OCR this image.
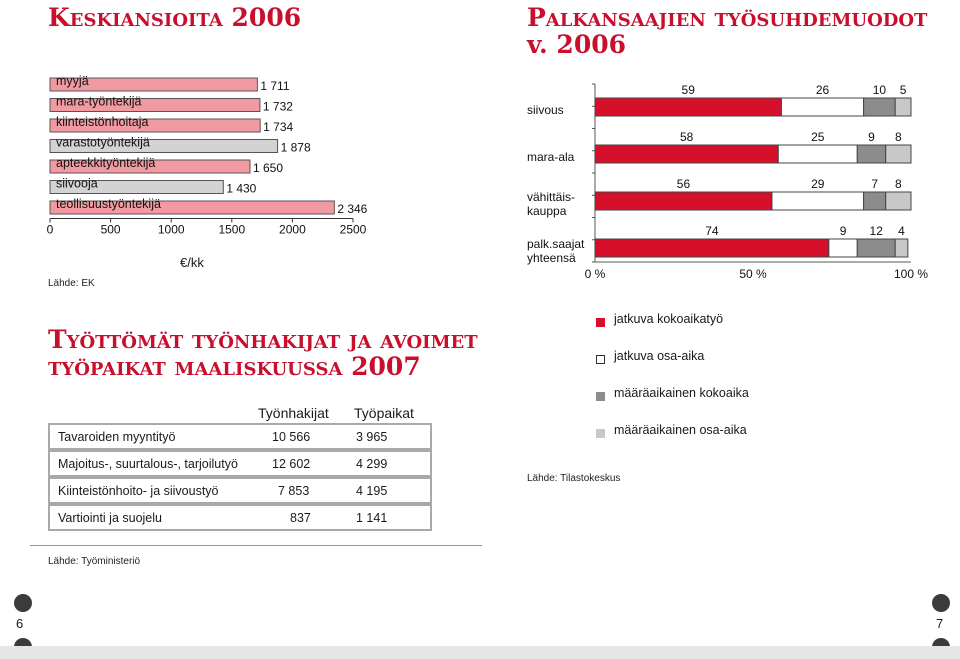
Keskiansioita 2006
myyjä	1 711
mara-työntekijä	1 732
kiinteistönhoitaja	1 734
varastotyöntekijä	1 878
apteekkityöntekijä	1 650
siivooja	1 430
teollisuustyöntekijä	2 346
0	500	1000	1500	2000	2500
Lähde: EK
€/kk
Palkansaajien työsuhdemuodot
v. 2006
siivous
59	26	10 5
mara-ala
58	25	9 8
vähittäis-
kauppa
56	29	7 8
palk.saajat
yhteensä
74	9 12 4
0 %	50 %	100 %
jatkuva kokoaikatyö
jatkuva osa-aika
määräaikainen kokoaika
määräaikainen osa-aika
Lähde: Tilastokeskus
Työttömät työnhakijat ja avoimet
työpaikat maaliskuussa 2007
Työnhakijat Työpaikat
Tavaroiden myyntityö	10 566	3 965
Majoitus-, suurtalous-, tarjoilutyö	12 602	4 299
Kiinteistönhoito- ja siivoustyö	7 853	4 195
Vartiointi ja suojelu	837	1 141
Lähde: Työministeriö
6	7
